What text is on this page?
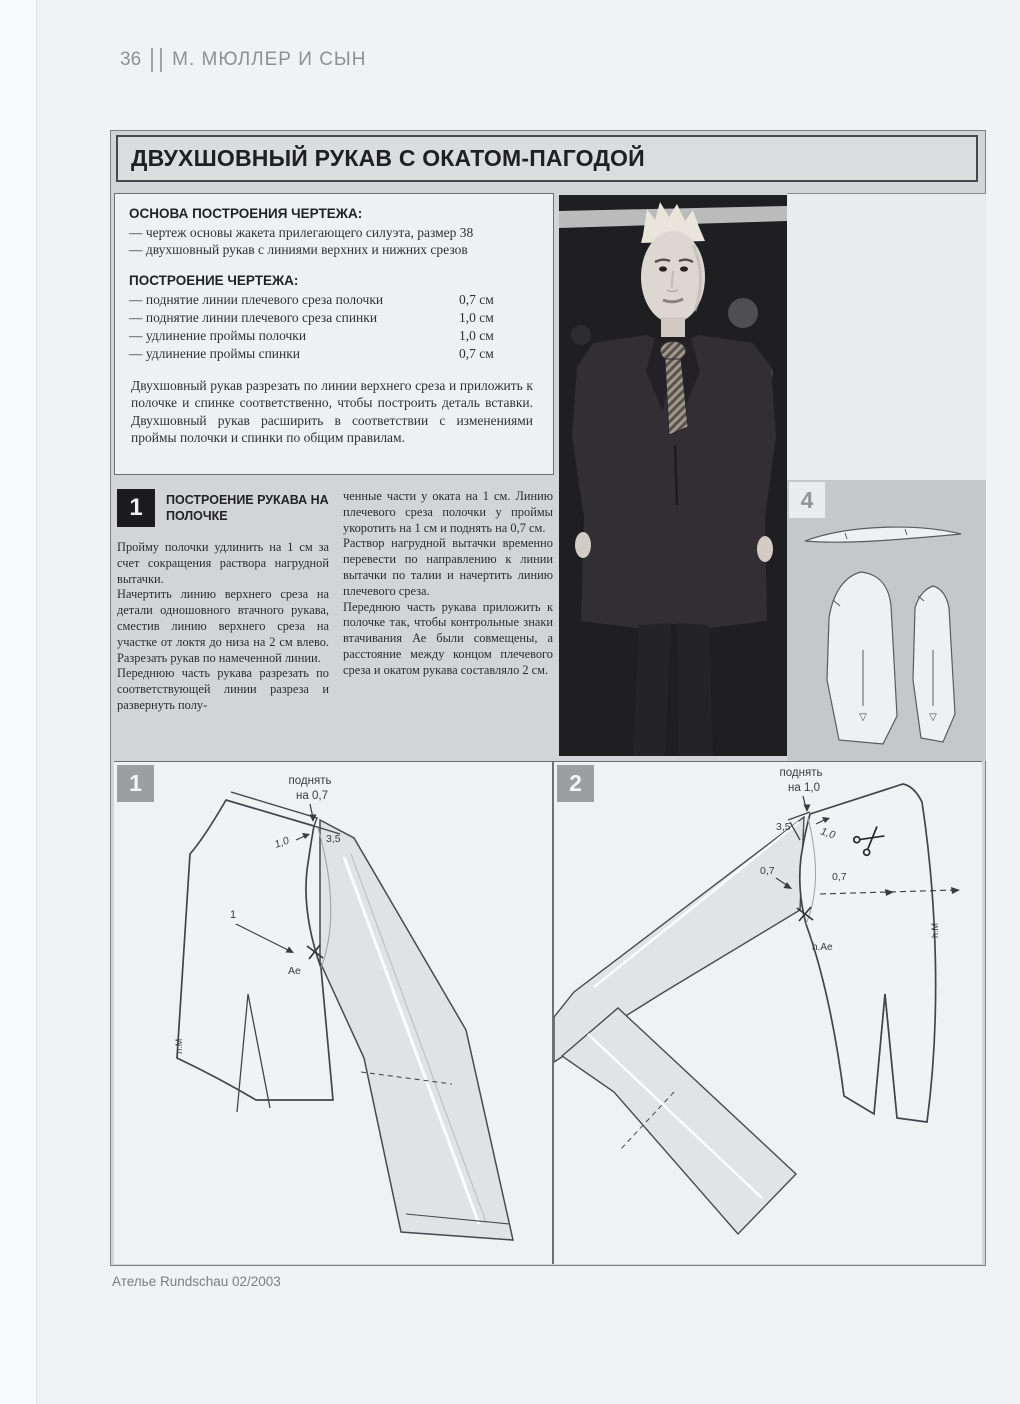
36 М. МЮЛЛЕР И СЫН
ДВУХШОВНЫЙ РУКАВ С ОКАТОМ-ПАГОДОЙ
ОСНОВА ПОСТРОЕНИЯ ЧЕРТЕЖА:
— чертеж основы жакета прилегающего силуэта, размер 38
— двухшовный рукав с линиями верхних и нижних срезов
ПОСТРОЕНИЕ ЧЕРТЕЖА:
— поднятие линии плечевого среза полочки	0,7 см
— поднятие линии плечевого среза спинки	1,0 см
— удлинение проймы полочки	1,0 см
— удлинение проймы спинки	0,7 см
Двухшовный рукав разрезать по линии верхнего среза и приложить к полочке и спинке соответственно, чтобы построить деталь вставки. Двухшовный рукав расширить в соответствии с изменениями проймы полочки и спинки по общим правилам.
4
▽	▽
1	ПОСТРОЕНИЕ РУКАВА НА ПОЛОЧКЕ

Пройму полочки удлинить на 1 см за счет сокращения раствора нагрудной вытачки.

Начертить линию верхнего среза на детали одношовного втачного рукава, сместив линию верхнего среза на участке от локтя до низа на 2 см влево. Разрезать рукав по намеченной линии.

Переднюю часть рукава разрезать по соответствующей линии разреза и развернуть полу-

ченные части у оката на 1 см. Линию плечевого среза полочки у проймы укоротить на 1 см и поднять на 0,7 см.

Раствор нагрудной вытачки временно перевести по направлению к линии вытачки по талии и начертить линию плечевого среза.

Переднюю часть рукава приложить к полочке так, чтобы контрольные знаки втачивания Ае были совмещены, а расстояние между концом плечевого среза и окатом рукава составляло 2 см.

поднять
на 0,7
3,5
1,0
1
Ае
л.М
1	поднять
на 1,0
3,5	1,0
0,7	0,7
h.Ае
h.M
2
Ателье Rundschau 02/2003
